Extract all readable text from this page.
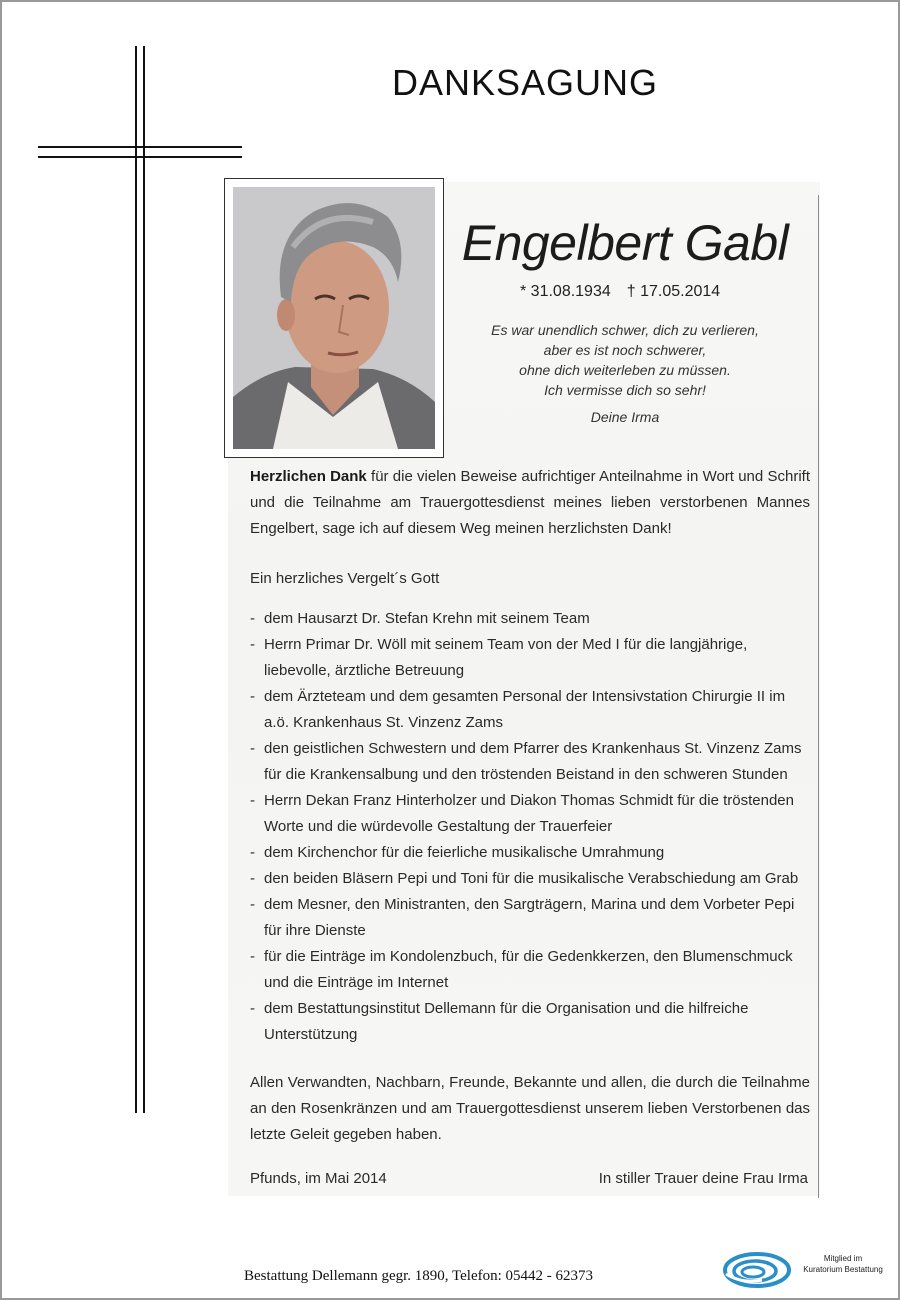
DANKSAGUNG
Engelbert Gabl
* 31.08.1934 † 17.05.2014
Es war unendlich schwer, dich zu verlieren,
aber es ist noch schwerer,
ohne dich weiterleben zu müssen.
Ich vermisse dich so sehr!
Deine Irma
Herzlichen Dank für die vielen Beweise aufrichtiger Anteilnahme in Wort und Schrift und die Teilnahme am Trauergottesdienst meines lieben verstorbenen Mannes Engelbert, sage ich auf diesem Weg meinen herzlichsten Dank!
Ein herzliches Vergelt´s Gott
- dem Hausarzt Dr. Stefan Krehn mit seinem Team
- Herrn Primar Dr. Wöll mit seinem Team von der Med I für die langjährige,
liebevolle, ärztliche Betreuung
- dem Ärzteteam und dem gesamten Personal der Intensivstation Chirurgie II im
a.ö. Krankenhaus St. Vinzenz Zams
- den geistlichen Schwestern und dem Pfarrer des Krankenhaus St. Vinzenz Zams
für die Krankensalbung und den tröstenden Beistand in den schweren Stunden
- Herrn Dekan Franz Hinterholzer und Diakon Thomas Schmidt für die tröstenden
Worte und die würdevolle Gestaltung der Trauerfeier
- dem Kirchenchor für die feierliche musikalische Umrahmung
- den beiden Bläsern Pepi und Toni für die musikalische Verabschiedung am Grab
- dem Mesner, den Ministranten, den Sargträgern, Marina und dem Vorbeter Pepi
für ihre Dienste
- für die Einträge im Kondolenzbuch, für die Gedenkkerzen, den Blumenschmuck
und die Einträge im Internet
- dem Bestattungsinstitut Dellemann für die Organisation und die hilfreiche
Unterstützung
Allen Verwandten, Nachbarn, Freunde, Bekannte und allen, die durch die Teilnahme an den Rosenkränzen und am Trauergottesdienst unserem lieben Verstorbenen das letzte Geleit gegeben haben.
Pfunds, im Mai 2014	In stiller Trauer deine Frau Irma
Bestattung Dellemann gegr. 1890, Telefon: 05442 - 62373
Mitglied im
Kuratorium Bestattung
